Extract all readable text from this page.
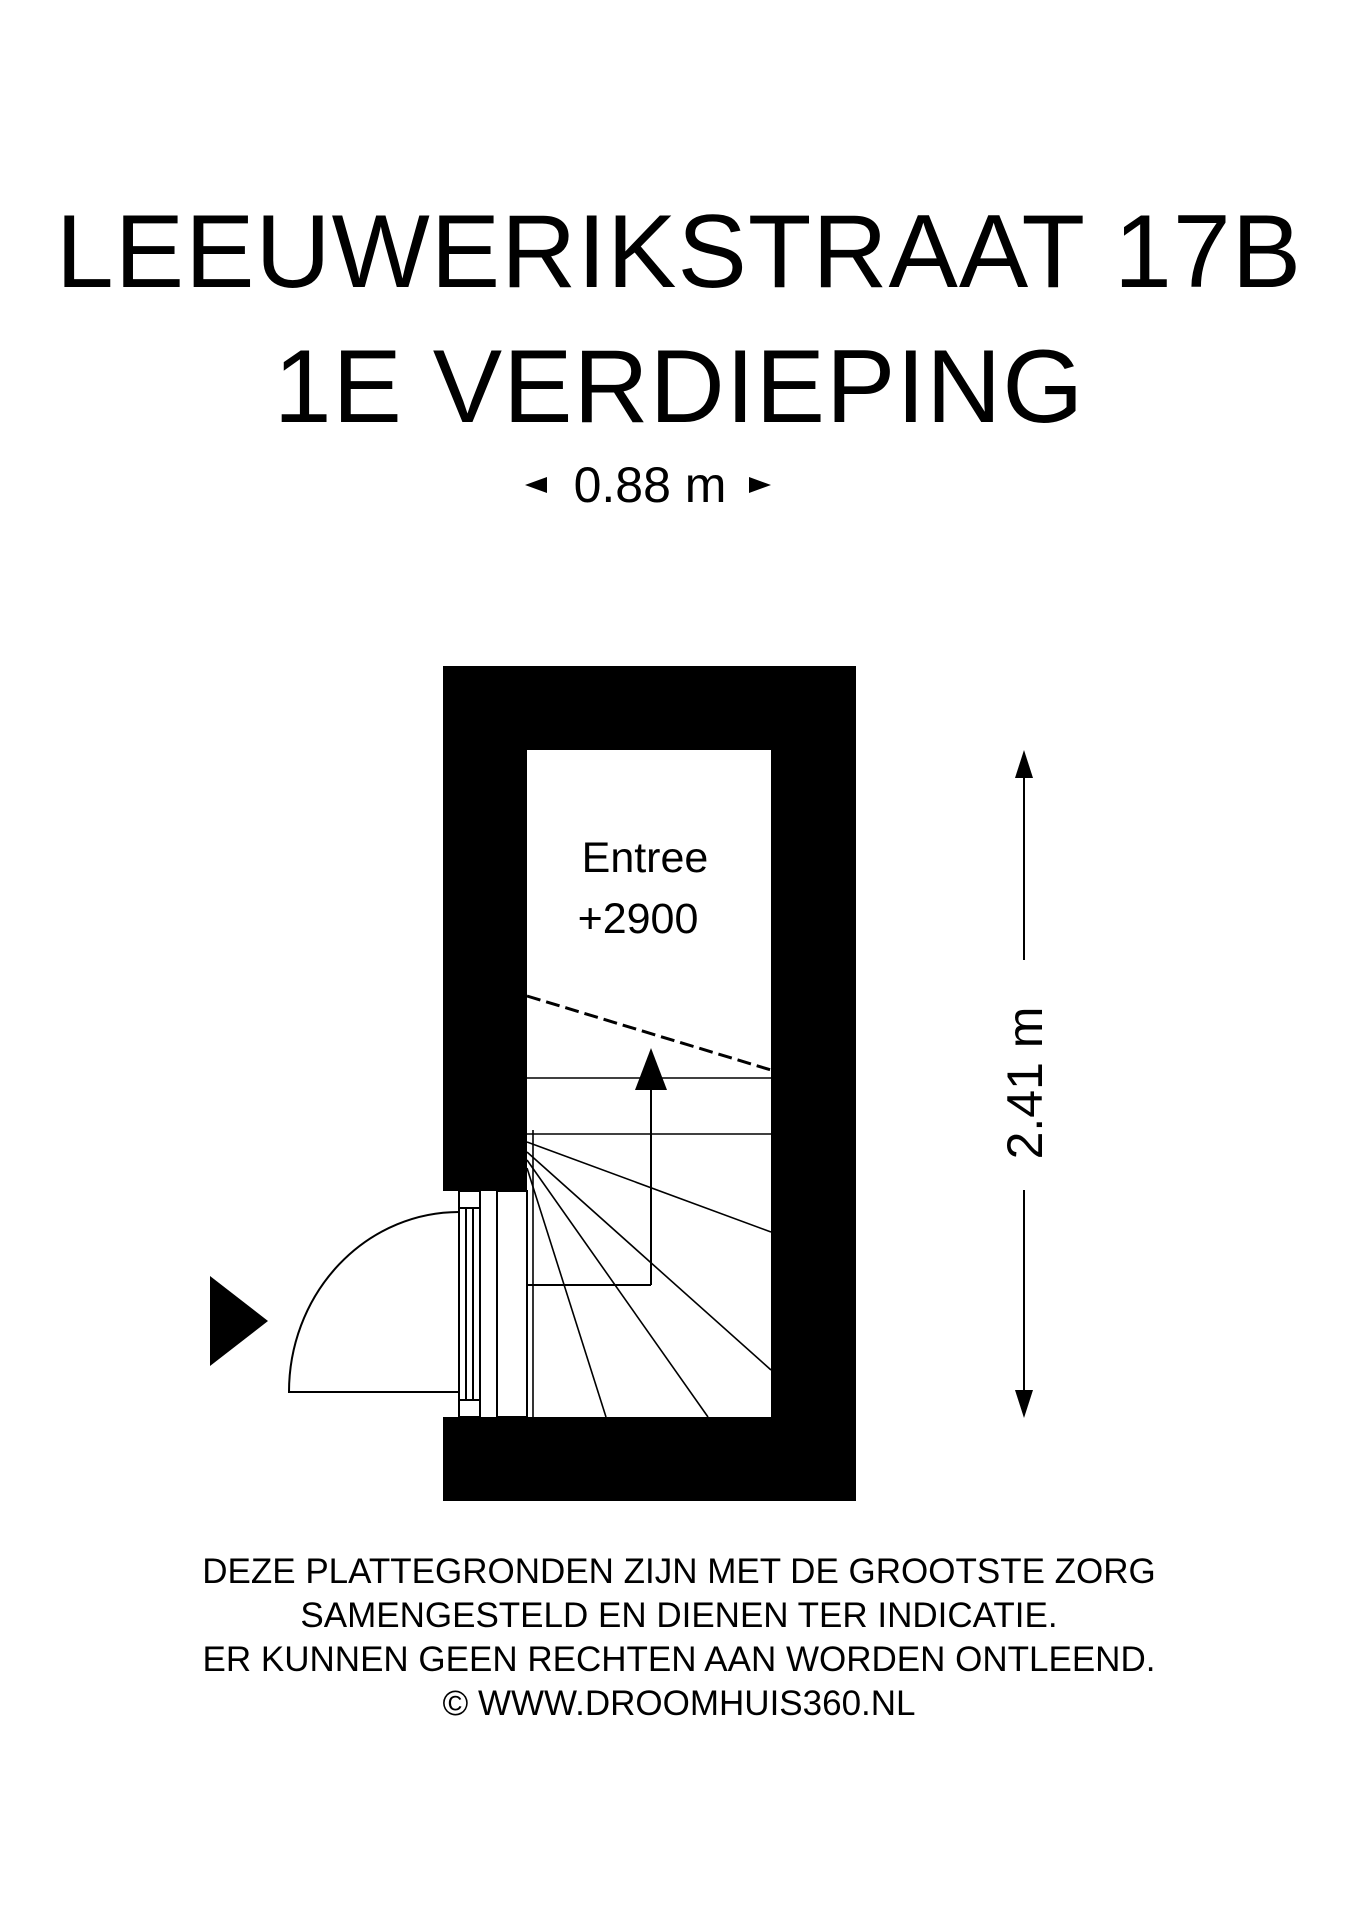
LEEUWERIKSTRAAT 17B
1E VERDIEPING
0.88 m
Entree
+2900
2.41 m
DEZE PLATTEGRONDEN ZIJN MET DE GROOTSTE ZORG
SAMENGESTELD EN DIENEN TER INDICATIE.
ER KUNNEN GEEN RECHTEN AAN WORDEN ONTLEEND.
© WWW.DROOMHUIS360.NL
